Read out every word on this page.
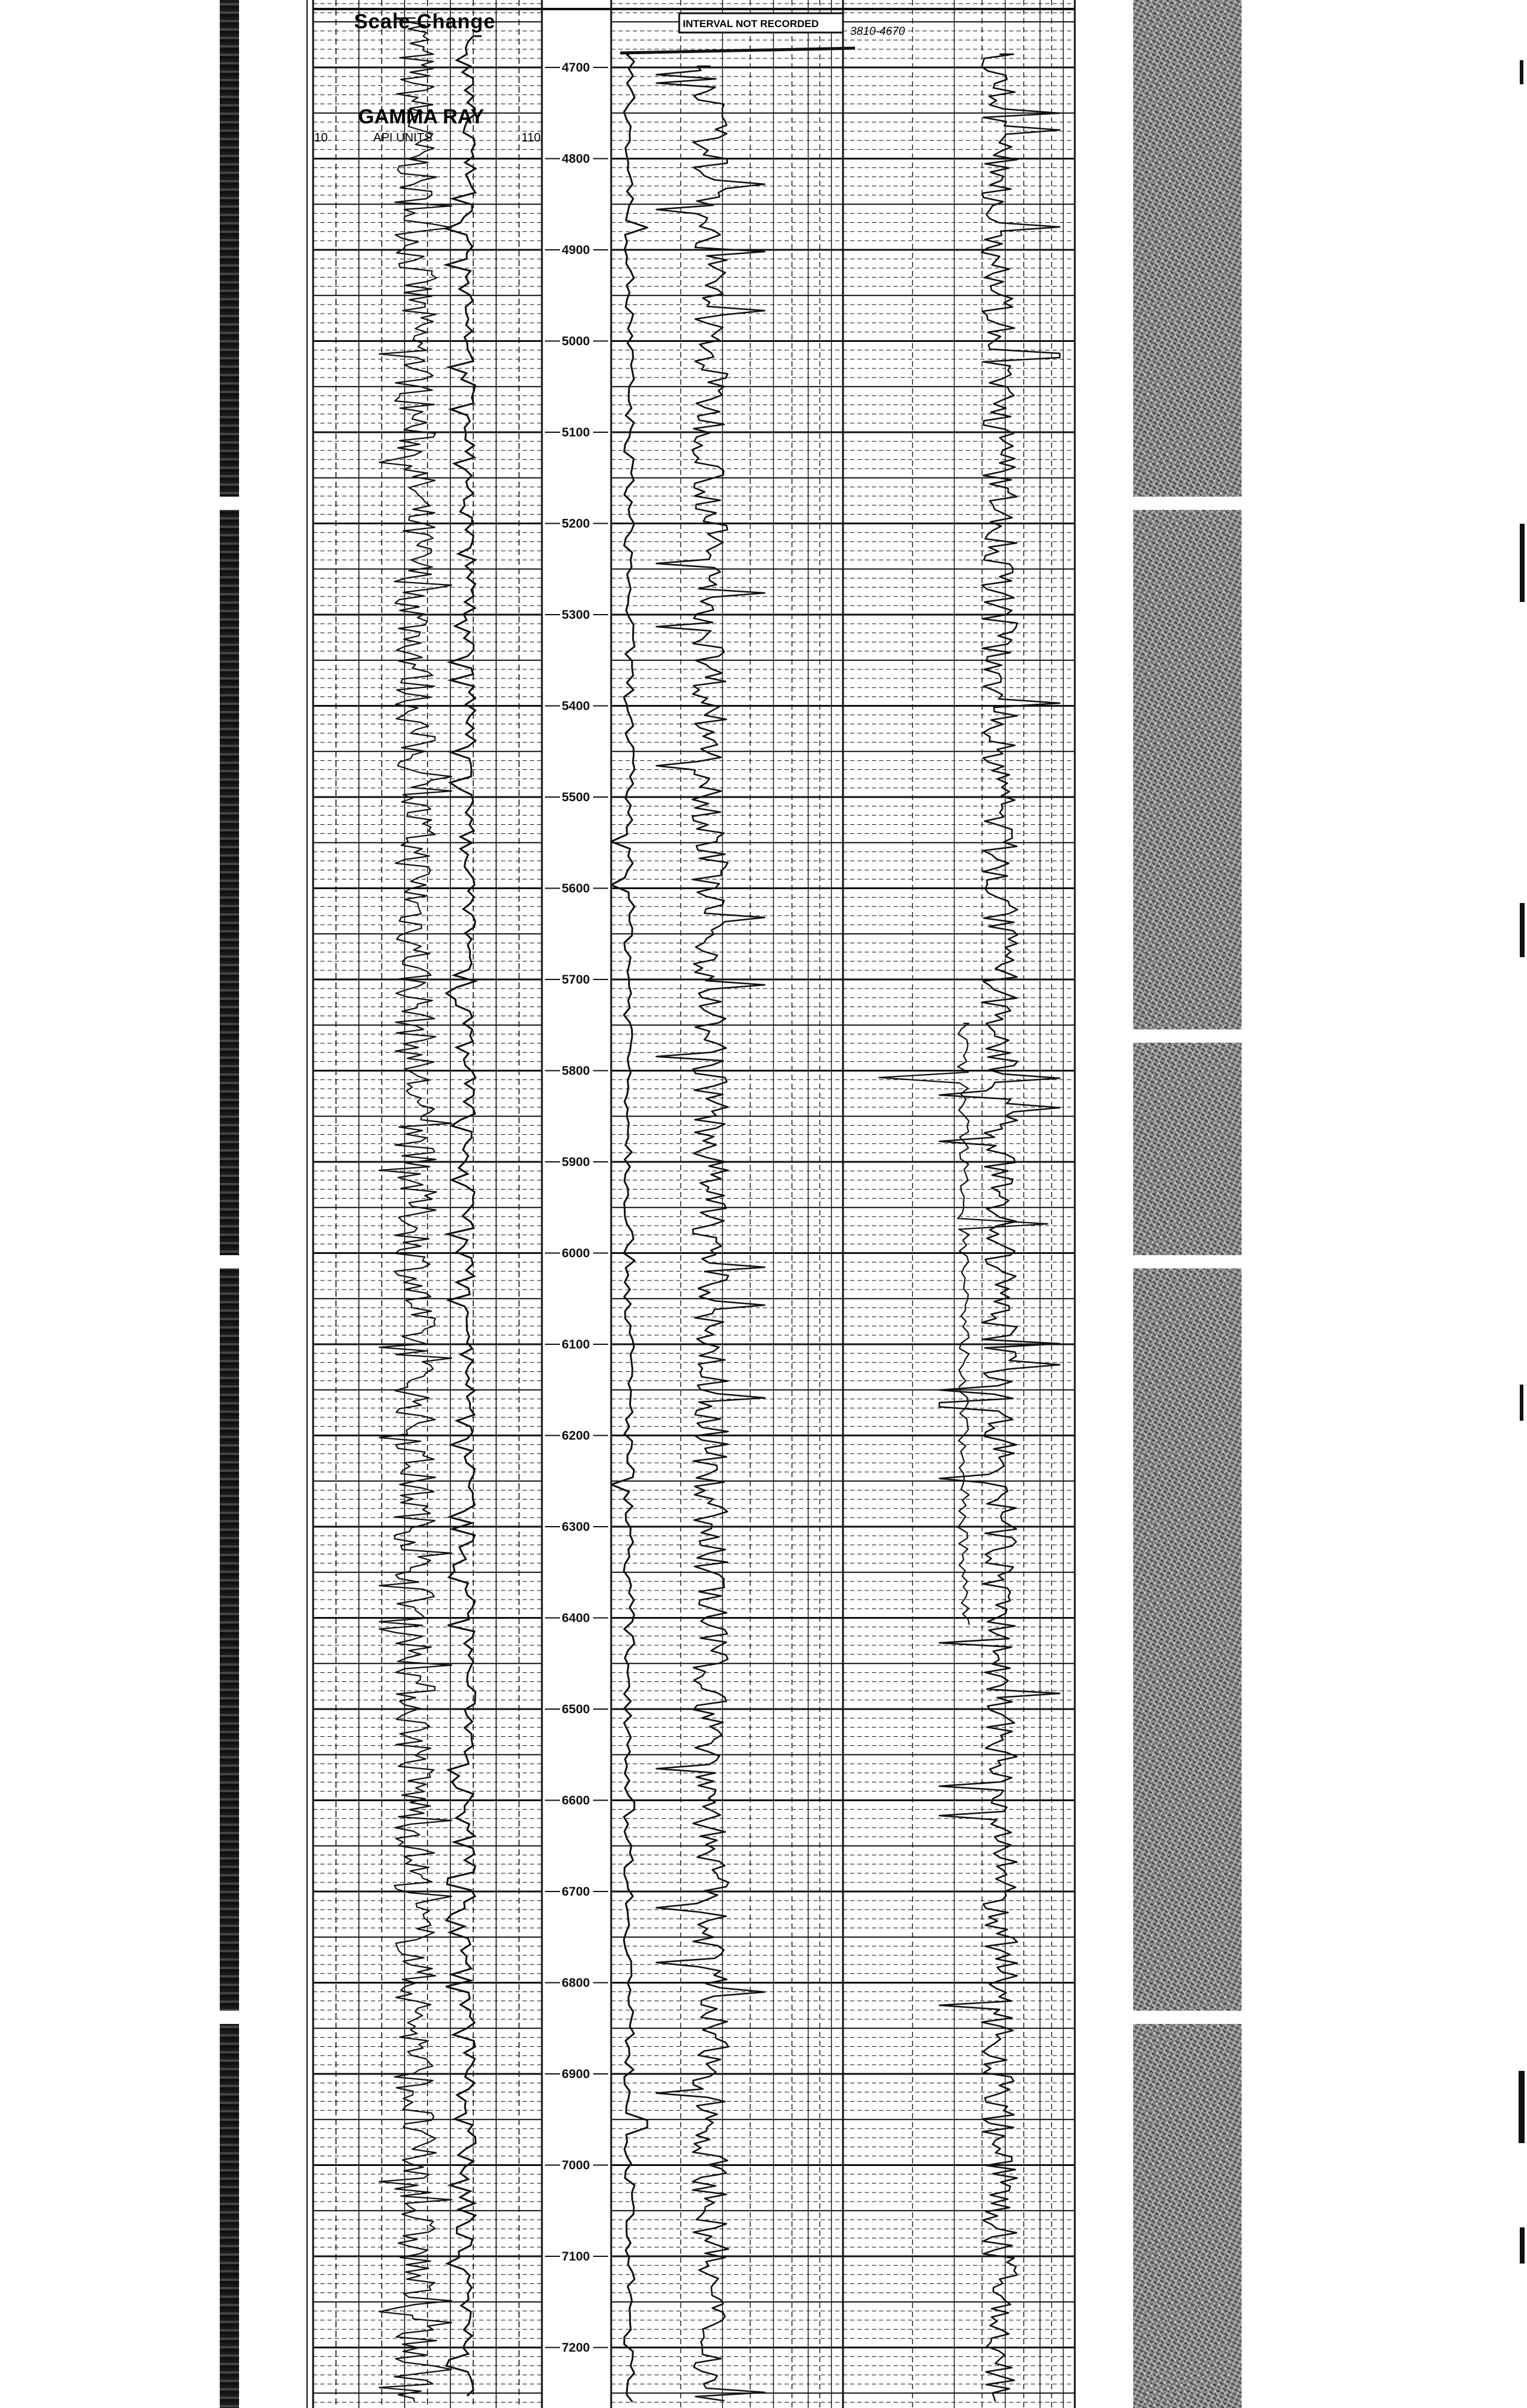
Scale Change
GAMMA RAY
API UNITS
10	110
INTERVAL NOT RECORDED
3810-4670
4700
4800
4900
5000
5100
5200
5300
5400
5500
5600
5700
5800
5900
6000
6100
6200
6300
6400
6500
6600
6700
6800
6900
7000
7100
7200
